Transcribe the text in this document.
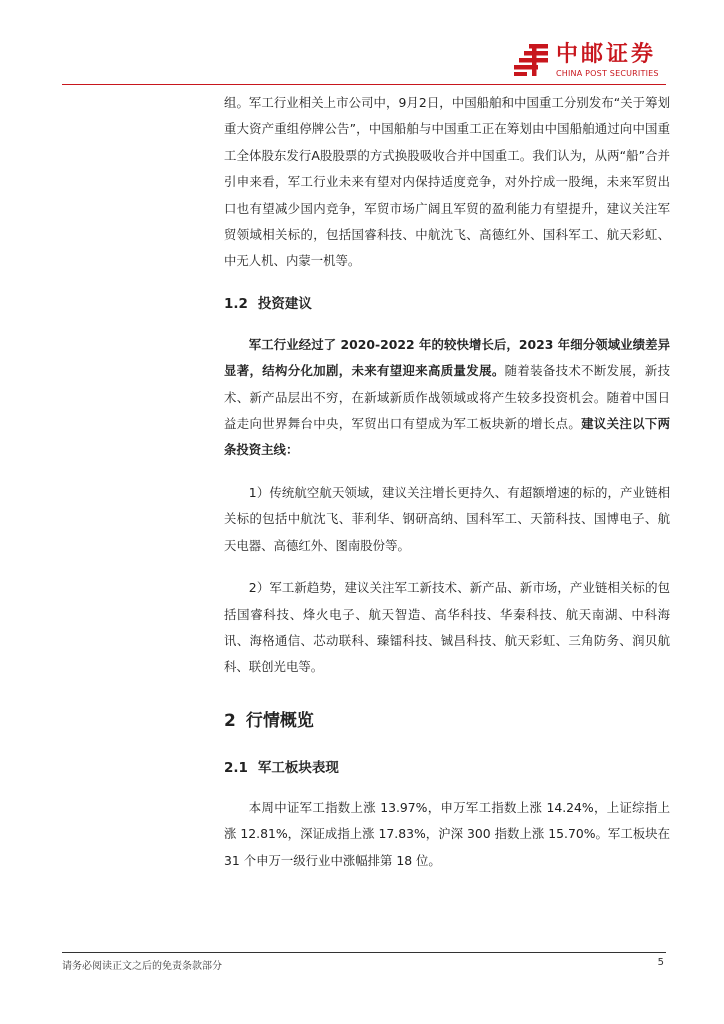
中邮证券
CHINA POST SECURITIES

组。军工行业相关上市公司中，9月2日，中国船舶和中国重工分别发布“关于筹划重大资产重组停牌公告”，中国船舶与中国重工正在筹划由中国船舶通过向中国重工全体股东发行A股股票的方式换股吸收合并中国重工。我们认为，从两“船”合并引申来看，军工行业未来有望对内保持适度竞争，对外拧成一股绳，未来军贸出口也有望减少国内竞争，军贸市场广阔且军贸的盈利能力有望提升，建议关注军贸领域相关标的，包括国睿科技、中航沈飞、高德红外、国科军工、航天彩虹、中无人机、内蒙一机等。

1.2 投资建议

军工行业经过了 2020-2022 年的较快增长后，2023 年细分领域业绩差异显著，结构分化加剧，未来有望迎来高质量发展。随着装备技术不断发展，新技术、新产品层出不穷，在新域新质作战领域或将产生较多投资机会。随着中国日益走向世界舞台中央，军贸出口有望成为军工板块新的增长点。建议关注以下两条投资主线：

1）传统航空航天领域，建议关注增长更持久、有超额增速的标的，产业链相关标的包括中航沈飞、菲利华、钢研高纳、国科军工、天箭科技、国博电子、航天电器、高德红外、图南股份等。

2）军工新趋势，建议关注军工新技术、新产品、新市场，产业链相关标的包括国睿科技、烽火电子、航天智造、高华科技、华秦科技、航天南湖、中科海讯、海格通信、芯动联科、臻镭科技、铖昌科技、航天彩虹、三角防务、润贝航科、联创光电等。

2 行情概览
2.1 军工板块表现

本周中证军工指数上涨 13.97%，申万军工指数上涨 14.24%，上证综指上涨 12.81%，深证成指上涨 17.83%，沪深 300 指数上涨 15.70%。军工板块在 31 个申万一级行业中涨幅排第 18 位。

请务必阅读正文之后的免责条款部分	5
